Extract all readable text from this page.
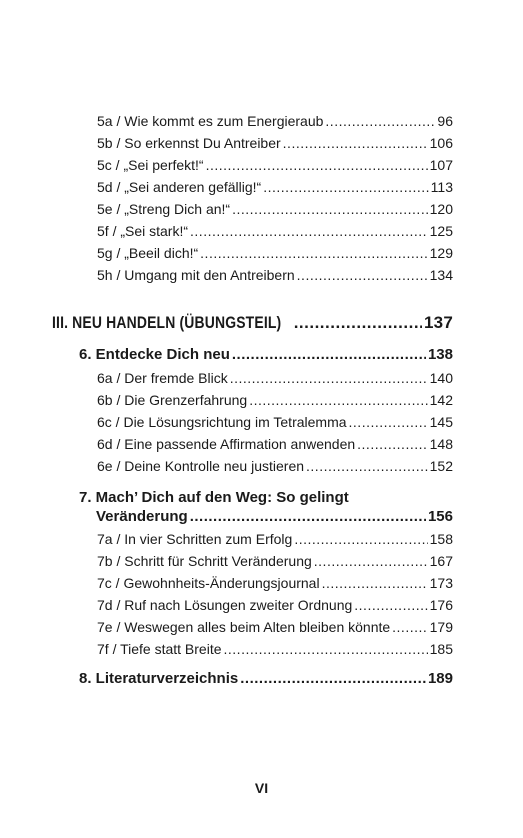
5a / Wie kommt es zum Energieraub .....	96
5b / So erkennst Du Antreiber .....	106
5c / „Sei perfekt!“ .....	107
5d / „Sei anderen gefällig!“ .....	113
5e / „Streng Dich an!“ .....	120
5f / „Sei stark!“ .....	125
5g / „Beeil dich!“ .....	129
5h / Umgang mit den Antreibern .....	134
III. NEU HANDELN (ÜBUNGSTEIL) .....	137
6. Entdecke Dich neu .....	138
6a / Der fremde Blick .....	140
6b / Die Grenzerfahrung .....	142
6c / Die Lösungsrichtung im Tetralemma .....	145
6d / Eine passende Affirmation anwenden .....	148
6e / Deine Kontrolle neu justieren .....	152
7. Mach’ Dich auf den Weg: So gelingt
Veränderung .....	156
7a / In vier Schritten zum Erfolg .....	158
7b / Schritt für Schritt Veränderung .....	167
7c / Gewohnheits-Änderungsjournal .....	173
7d / Ruf nach Lösungen zweiter Ordnung .....	176
7e / Weswegen alles beim Alten bleiben könnte .....	179
7f / Tiefe statt Breite .....	185
8. Literaturverzeichnis .....	189
VI
